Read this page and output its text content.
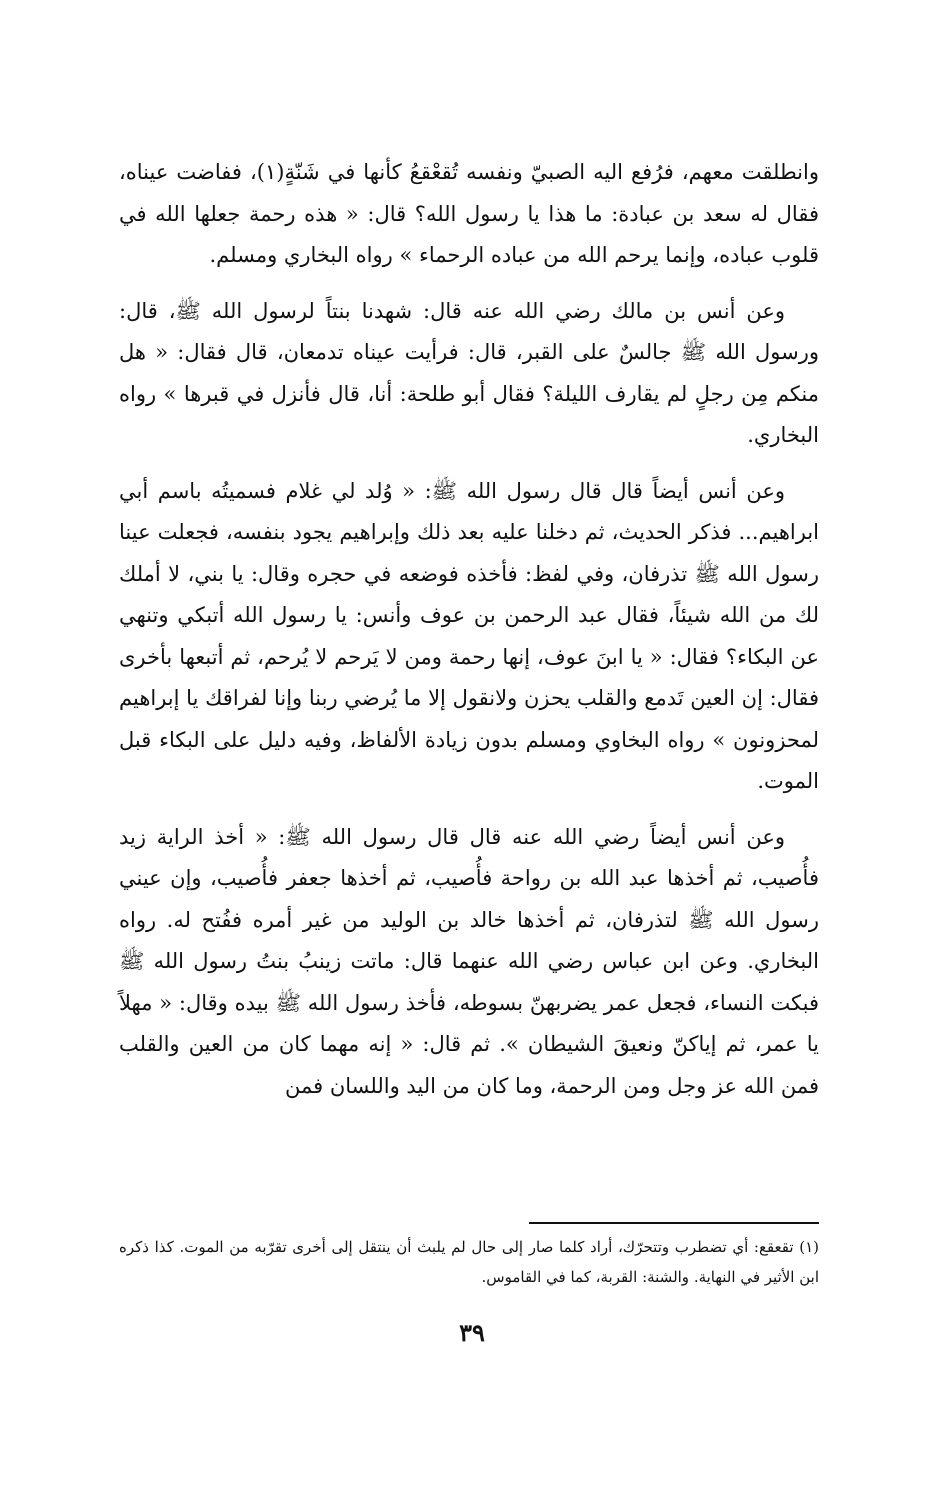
وانطلقت معهم، فرُفع اليه الصبيّ ونفسه تُقعْقعُ كأنها في شَنّةٍ(١)، ففاضت عيناه، فقال له سعد بن عبادة: ما هذا يا رسول الله؟ قال: « هذه رحمة جعلها الله في قلوب عباده، وإنما يرحم الله من عباده الرحماء » رواه البخاري ومسلم.

وعن أنس بن مالك رضي الله عنه قال: شهدنا بنتاً لرسول الله ﷺ، قال: ورسول الله ﷺ جالسٌ على القبر، قال: فرأيت عيناه تدمعان، قال فقال: « هل منكم مِن رجلٍ لم يقارف الليلة؟ فقال أبو طلحة: أنا، قال فأنزل في قبرها » رواه البخاري.

وعن أنس أيضاً قال قال رسول الله ﷺ: « وُلد لي غلام فسميتُه باسم أبي ابراهيم... فذكر الحديث، ثم دخلنا عليه بعد ذلك وإبراهيم يجود بنفسه، فجعلت عينا رسول الله ﷺ تذرفان، وفي لفظ: فأخذه فوضعه في حجره وقال: يا بني، لا أملك لك من الله شيئاً، فقال عبد الرحمن بن عوف وأنس: يا رسول الله أتبكي وتنهي عن البكاء؟ فقال: « يا ابنَ عوف، إنها رحمة ومن لا يَرحم لا يُرحم، ثم أتبعها بأخرى فقال: إن العين تَدمع والقلب يحزن ولانقول إلا ما يُرضي ربنا وإنا لفراقك يا إبراهيم لمحزونون » رواه البخاوي ومسلم بدون زيادة الألفاظ، وفيه دليل على البكاء قبل الموت.

وعن أنس أيضاً رضي الله عنه قال قال رسول الله ﷺ: « أخذ الراية زيد فأُصيب، ثم أخذها عبد الله بن رواحة فأُصيب، ثم أخذها جعفر فأُصيب، وإن عيني رسول الله ﷺ لتذرفان، ثم أخذها خالد بن الوليد من غير أمره ففُتح له. رواه البخاري. وعن ابن عباس رضي الله عنهما قال: ماتت زينبُ بنتُ رسول الله ﷺ فبكت النساء، فجعل عمر يضربهنّ بسوطه، فأخذ رسول الله ﷺ بيده وقال: « مهلاً يا عمر، ثم إياكنّ ونعيقَ الشيطان ». ثم قال: « إنه مهما كان من العين والقلب فمن الله عز وجل ومن الرحمة، وما كان من اليد واللسان فمن

(١) تقعقع: أي تضطرب وتتحرّك، أراد كلما صار إلى حال لم يلبث أن ينتقل إلى أخرى تقرّبه من الموت. كذا ذكره ابن الأثير في النهاية. والشنة: القربة، كما في القاموس.

٣٩
